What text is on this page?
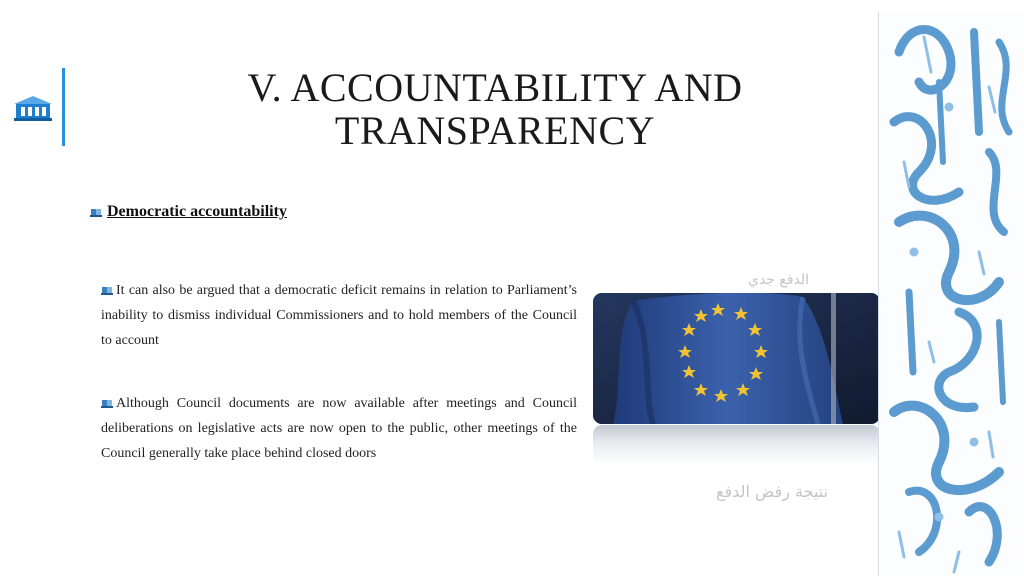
V. ACCOUNTABILITY AND TRANSPARENCY
Democratic accountability
It can also be argued that a democratic deficit remains in relation to Parliament’s inability to dismiss individual Commissioners and to hold members of the Council to account
Although Council documents are now available after meetings and Council deliberations on legislative acts are now open to the public, other meetings of the Council generally take place behind closed doors
الدفع جدي
نتيجة رفض الدفع
